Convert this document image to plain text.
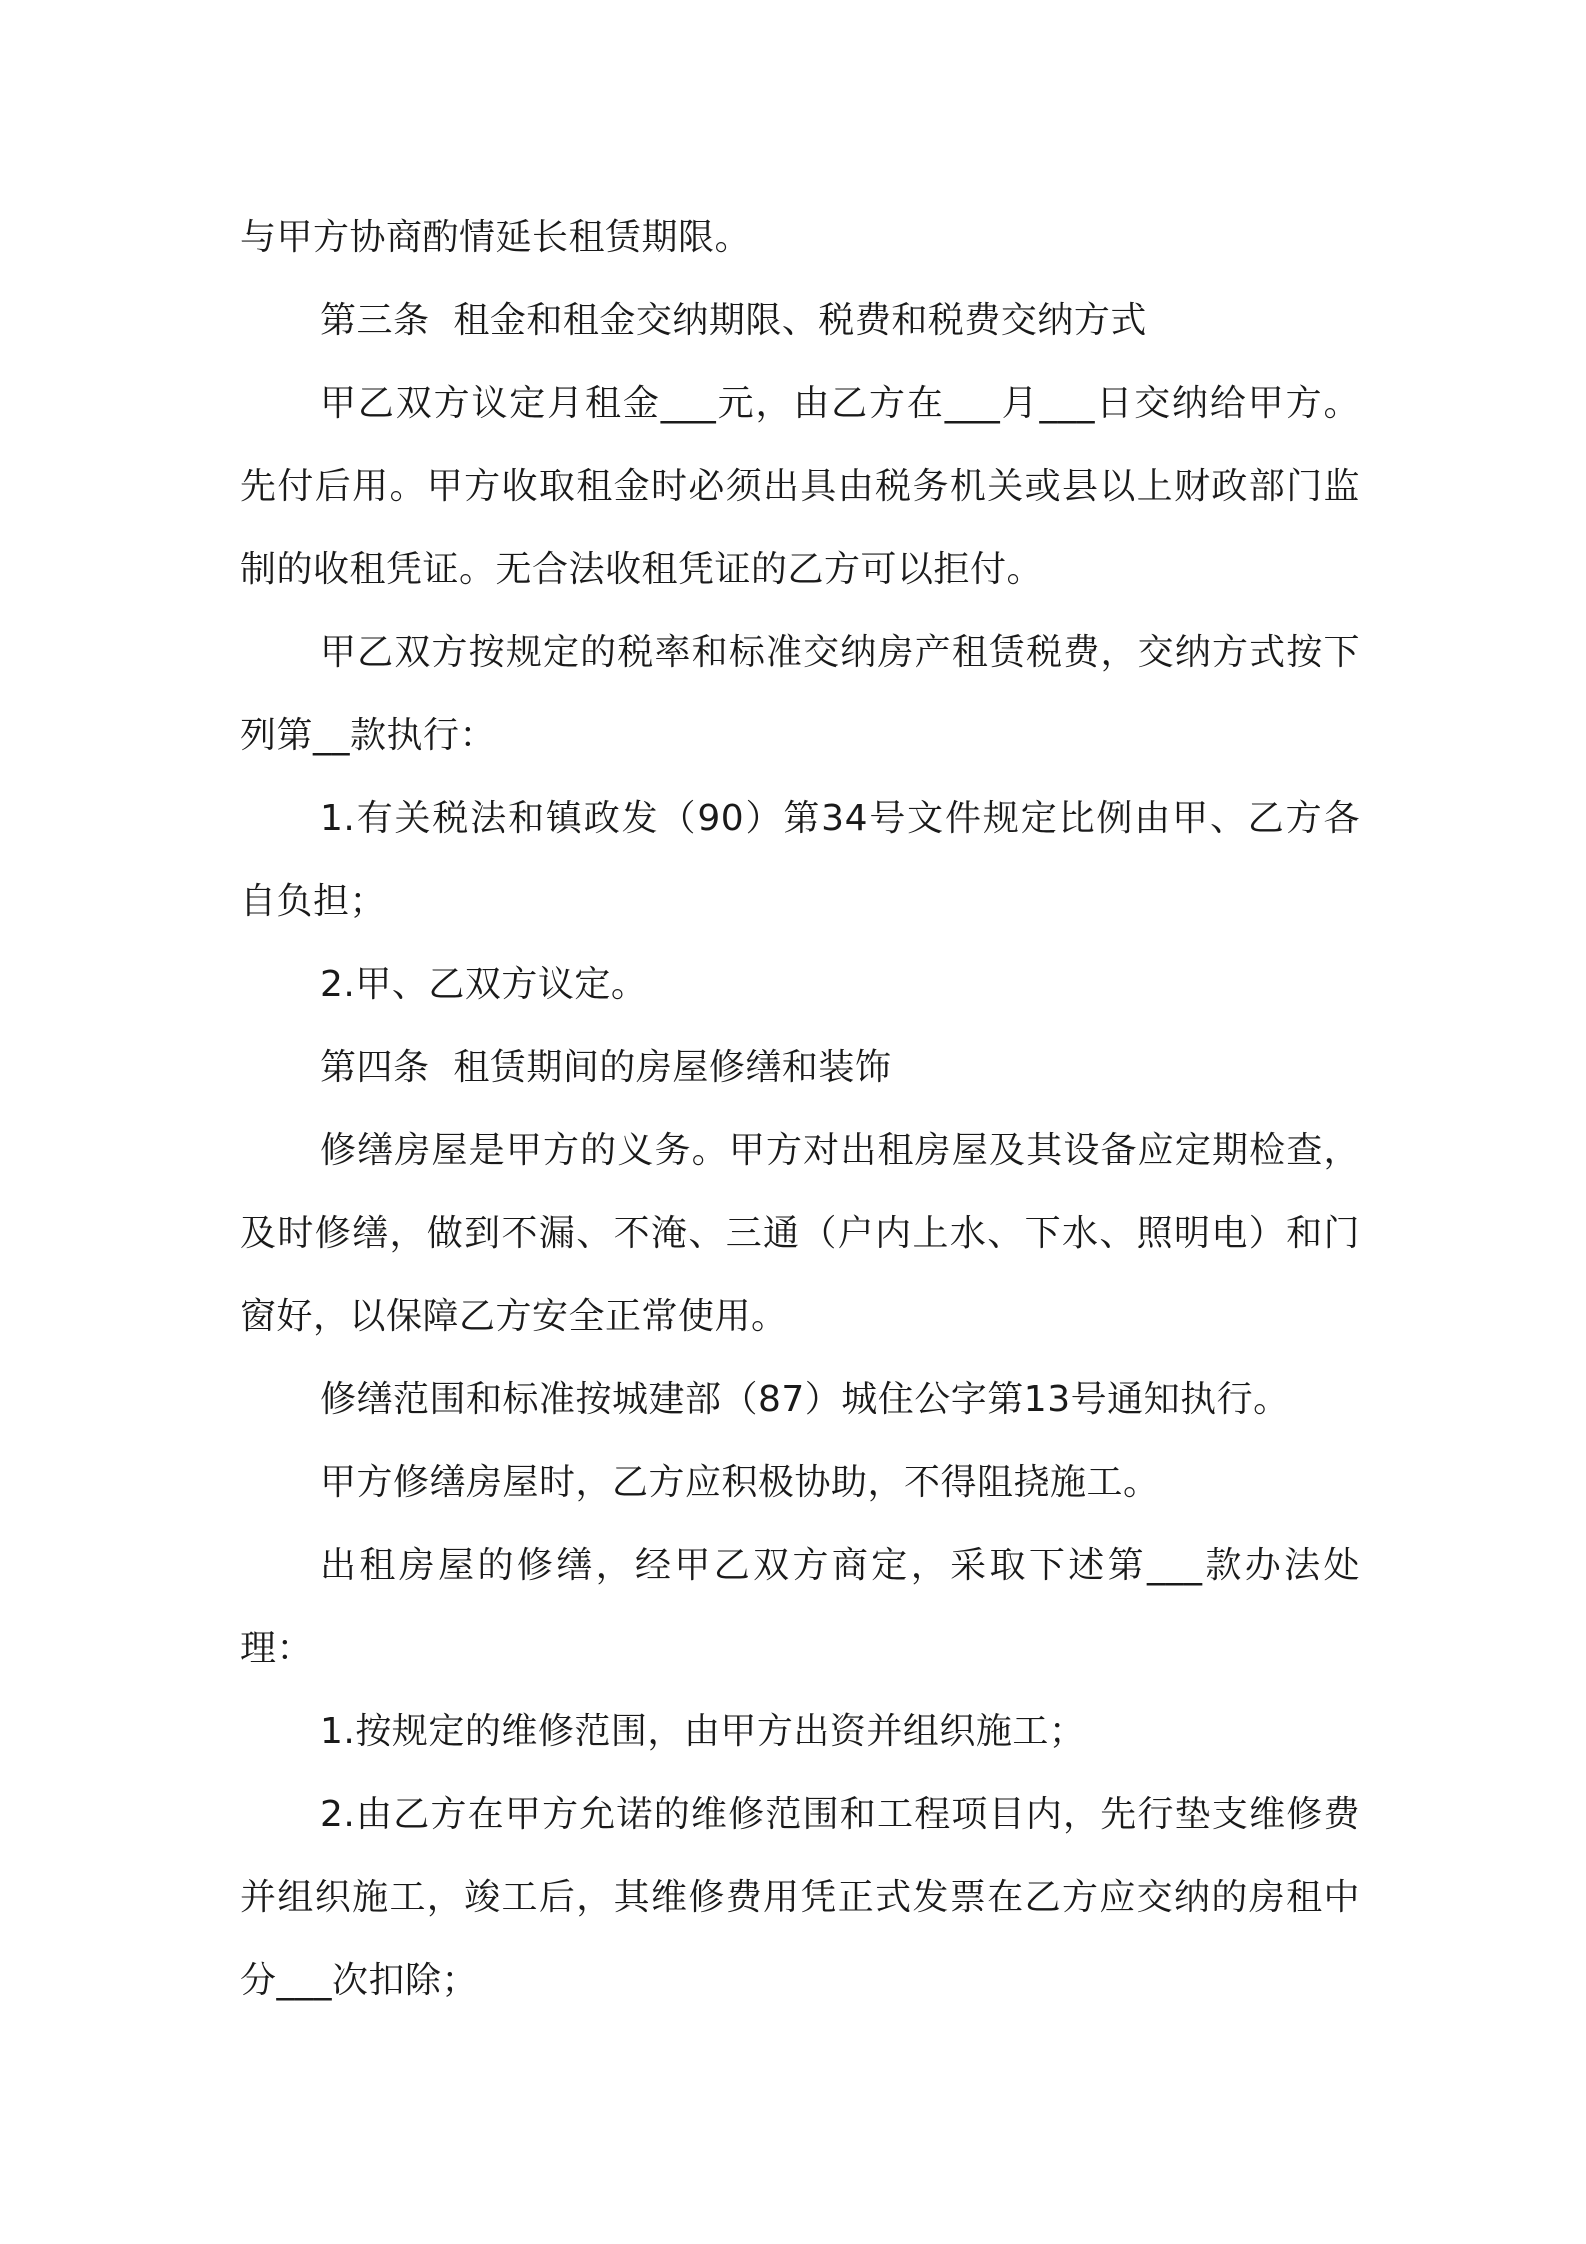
与甲方协商酌情延长租赁期限。

第三条  租金和租金交纳期限、税费和税费交纳方式

甲乙双方议定月租金___元，由乙方在___月___日交纳给甲方。先付后用。甲方收取租金时必须出具由税务机关或县以上财政部门监制的收租凭证。无合法收租凭证的乙方可以拒付。

甲乙双方按规定的税率和标准交纳房产租赁税费，交纳方式按下列第__款执行：

1.有关税法和镇政发（90）第34号文件规定比例由甲、乙方各自负担；

2.甲、乙双方议定。

第四条  租赁期间的房屋修缮和装饰

修缮房屋是甲方的义务。甲方对出租房屋及其设备应定期检查，及时修缮，做到不漏、不淹、三通（户内上水、下水、照明电）和门窗好，以保障乙方安全正常使用。

修缮范围和标准按城建部（87）城住公字第13号通知执行。

甲方修缮房屋时，乙方应积极协助，不得阻挠施工。

出租房屋的修缮，经甲乙双方商定，采取下述第___款办法处理：

1.按规定的维修范围，由甲方出资并组织施工；

2.由乙方在甲方允诺的维修范围和工程项目内，先行垫支维修费并组织施工，竣工后，其维修费用凭正式发票在乙方应交纳的房租中分___次扣除；
